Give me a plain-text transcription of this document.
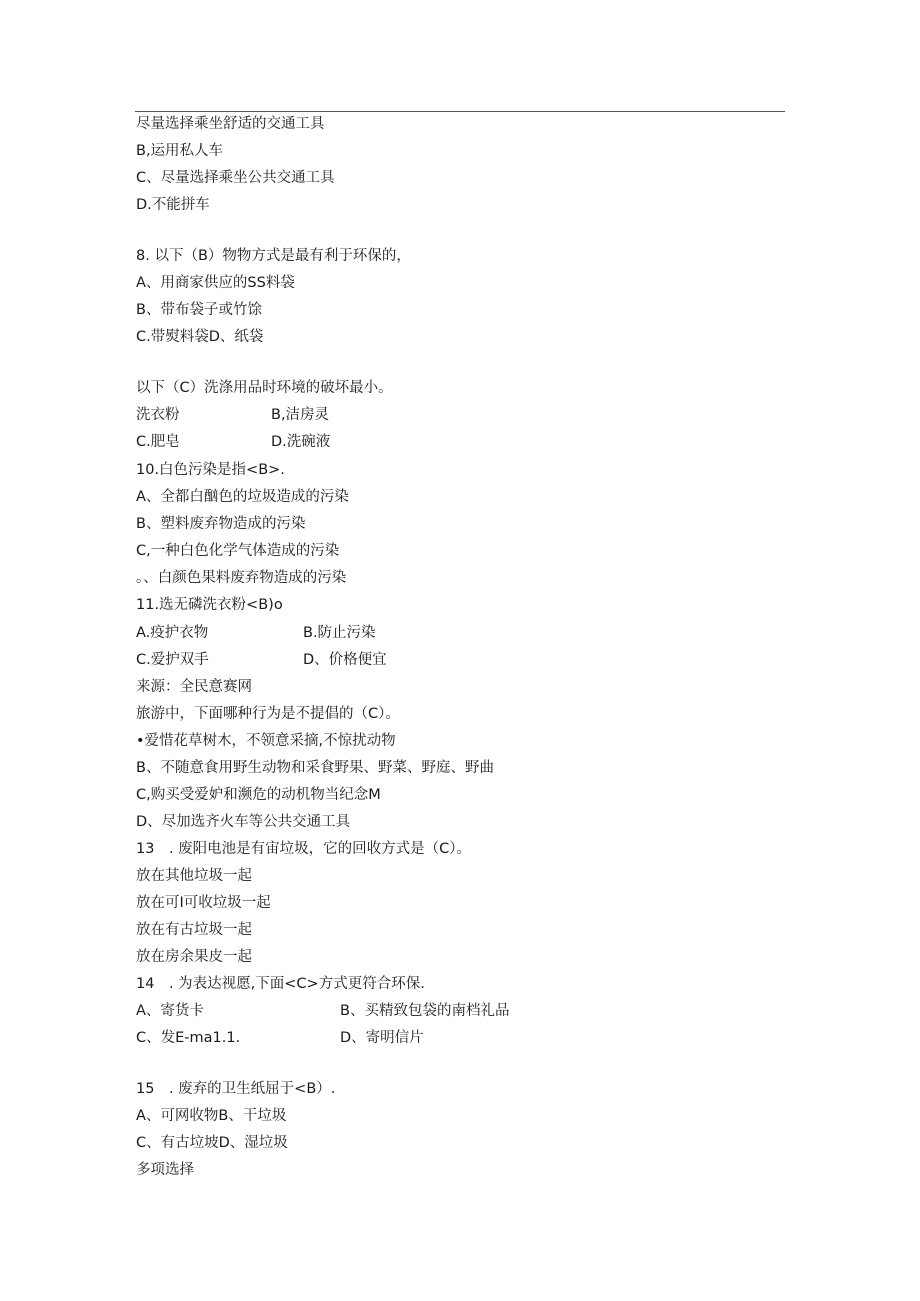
尽量选择乘坐舒适的交通工具
B,运用私人车
C、尽量选择乘坐公共交通工具
D.不能拼车
8. 以下（B）物物方式是最有利于环保的，
A、用商家供应的SS料袋
B、带布袋子或竹馀
C.带熨料袋D、纸袋
以下（C）洗涤用品时环境的破坏最小。
洗衣粉	B,洁房灵
C.肥皂	D.洗碗液
10.白色污染是指<B>.
A、全都白酗色的垃圾造成的污染
B、塑料废弃物造成的污染
C,一种白色化学气体造成的污染
。、白颜色果料废弃物造成的污染
11.选无磷洗衣粉<B)o
A.疫护衣物	B.防止污染
C.爱护双手	D、价格便宜
来源：全民意赛网
旅游中，下面哪种行为是不提倡的（C）。
•爱惜花草树木，不领意采摘,不惊扰动物
B、不随意食用野生动物和采食野果、野菜、野庭、野曲
C,购买受爱妒和濒危的动机物当纪念M
D、尽加选齐火车等公共交通工具
13　. 废阳电池是有宙垃圾，它的回收方式是（C）。
放在其他垃圾一起
放在可I可收垃圾一起
放在有古垃圾一起
放在房余果皮一起
14　. 为表达视愿,下面<C>方式更符合环保.
A、寄货卡	B、买精致包袋的南档礼品
C、发E-ma1.1.	D、寄明信片
15　. 废弃的卫生纸屈于<B）.
A、可网收物B、干垃圾
C、有古垃坡D、湿垃圾
多项选择
